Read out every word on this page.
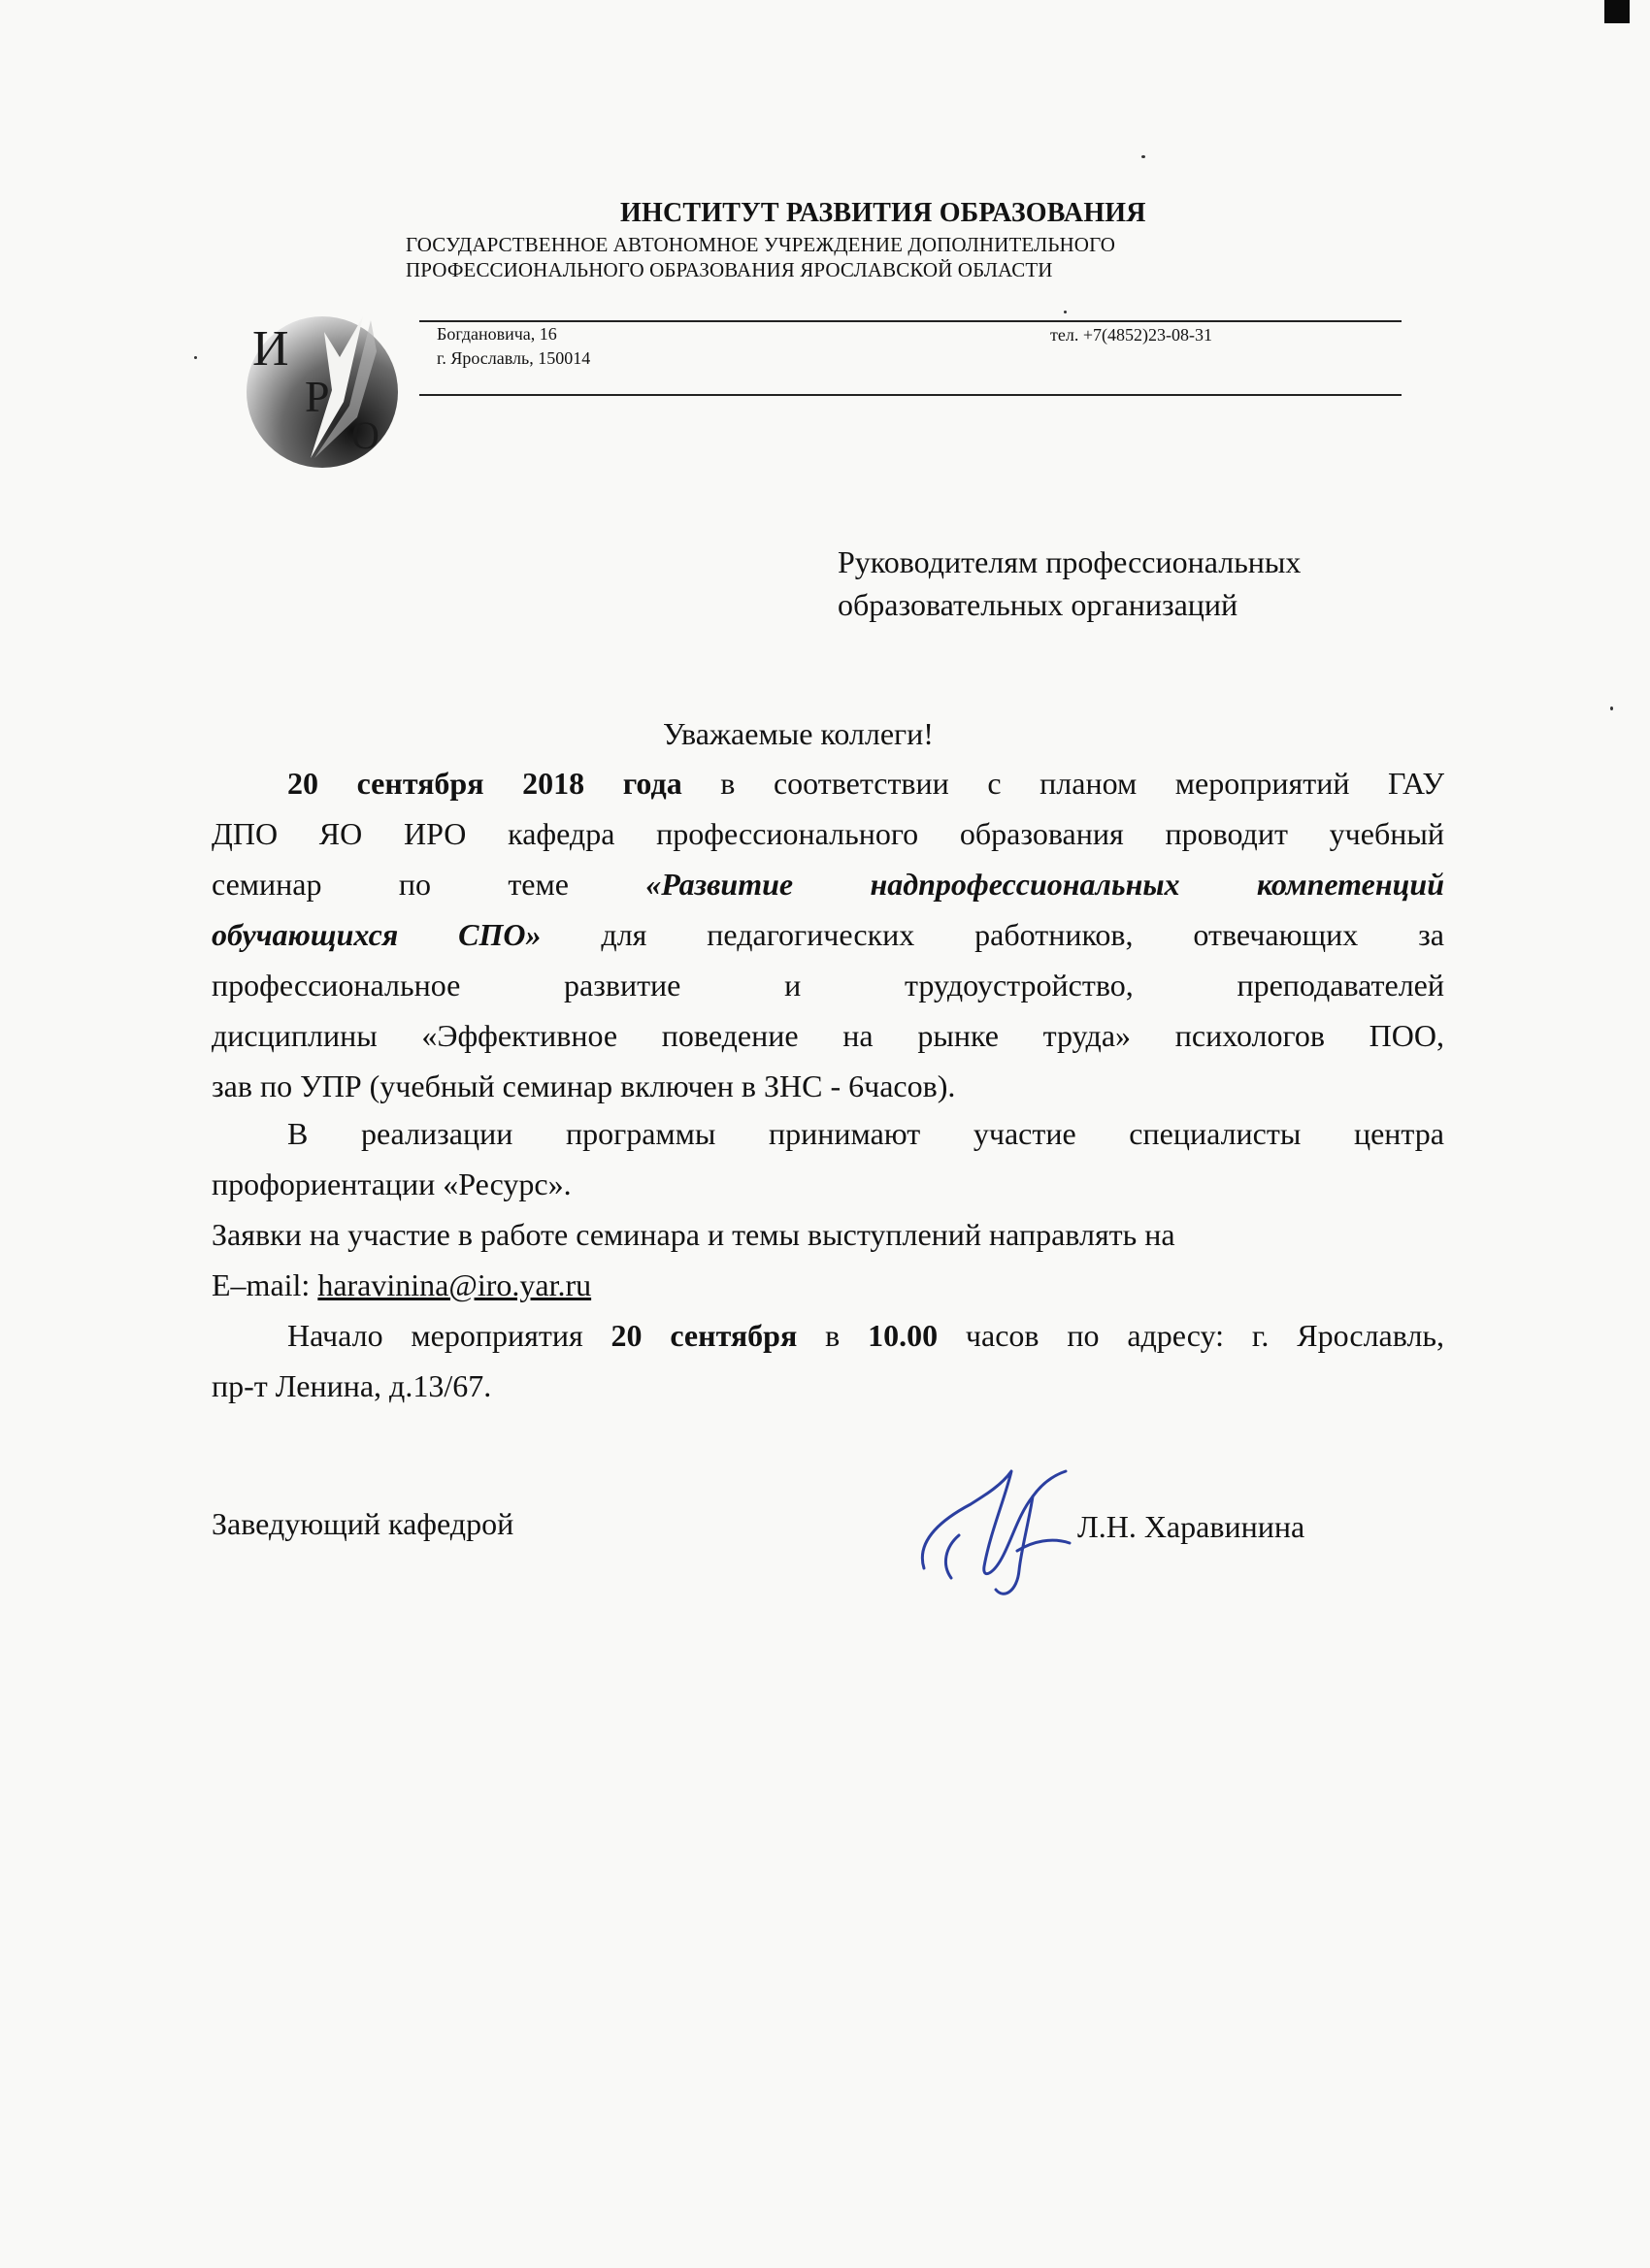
ИНСТИТУТ РАЗВИТИЯ ОБРАЗОВАНИЯ
ГОСУДАРСТВЕННОЕ АВТОНОМНОЕ УЧРЕЖДЕНИЕ ДОПОЛНИТЕЛЬНОГО
ПРОФЕССИОНАЛЬНОГО ОБРАЗОВАНИЯ ЯРОСЛАВСКОЙ ОБЛАСТИ
И
Р
О
Богдановича, 16
г. Ярославль, 150014
тел. +7(4852)23-08-31
Руководителям профессиональных
образовательных организаций
Уважаемые коллеги!
20 сентября 2018 года в соответствии с планом мероприятий ГАУ
ДПО ЯО ИРО кафедра профессионального образования проводит учебный
семинар по теме «Развитие надпрофессиональных компетенций
обучающихся СПО» для педагогических работников, отвечающих за
профессиональное развитие и трудоустройство, преподавателей
дисциплины «Эффективное поведение на рынке труда» психологов ПОО,
зав по УПР (учебный семинар включен в ЗНС - 6часов).
В реализации программы принимают участие специалисты центра
профориентации «Ресурс».
Заявки на участие в работе семинара и темы выступлений направлять на
E–mail: haravinina@iro.yar.ru
Начало мероприятия 20 сентября в 10.00 часов по адресу: г. Ярославль,
пр-т Ленина, д.13/67.
Заведующий кафедрой	Л.Н. Харавинина
